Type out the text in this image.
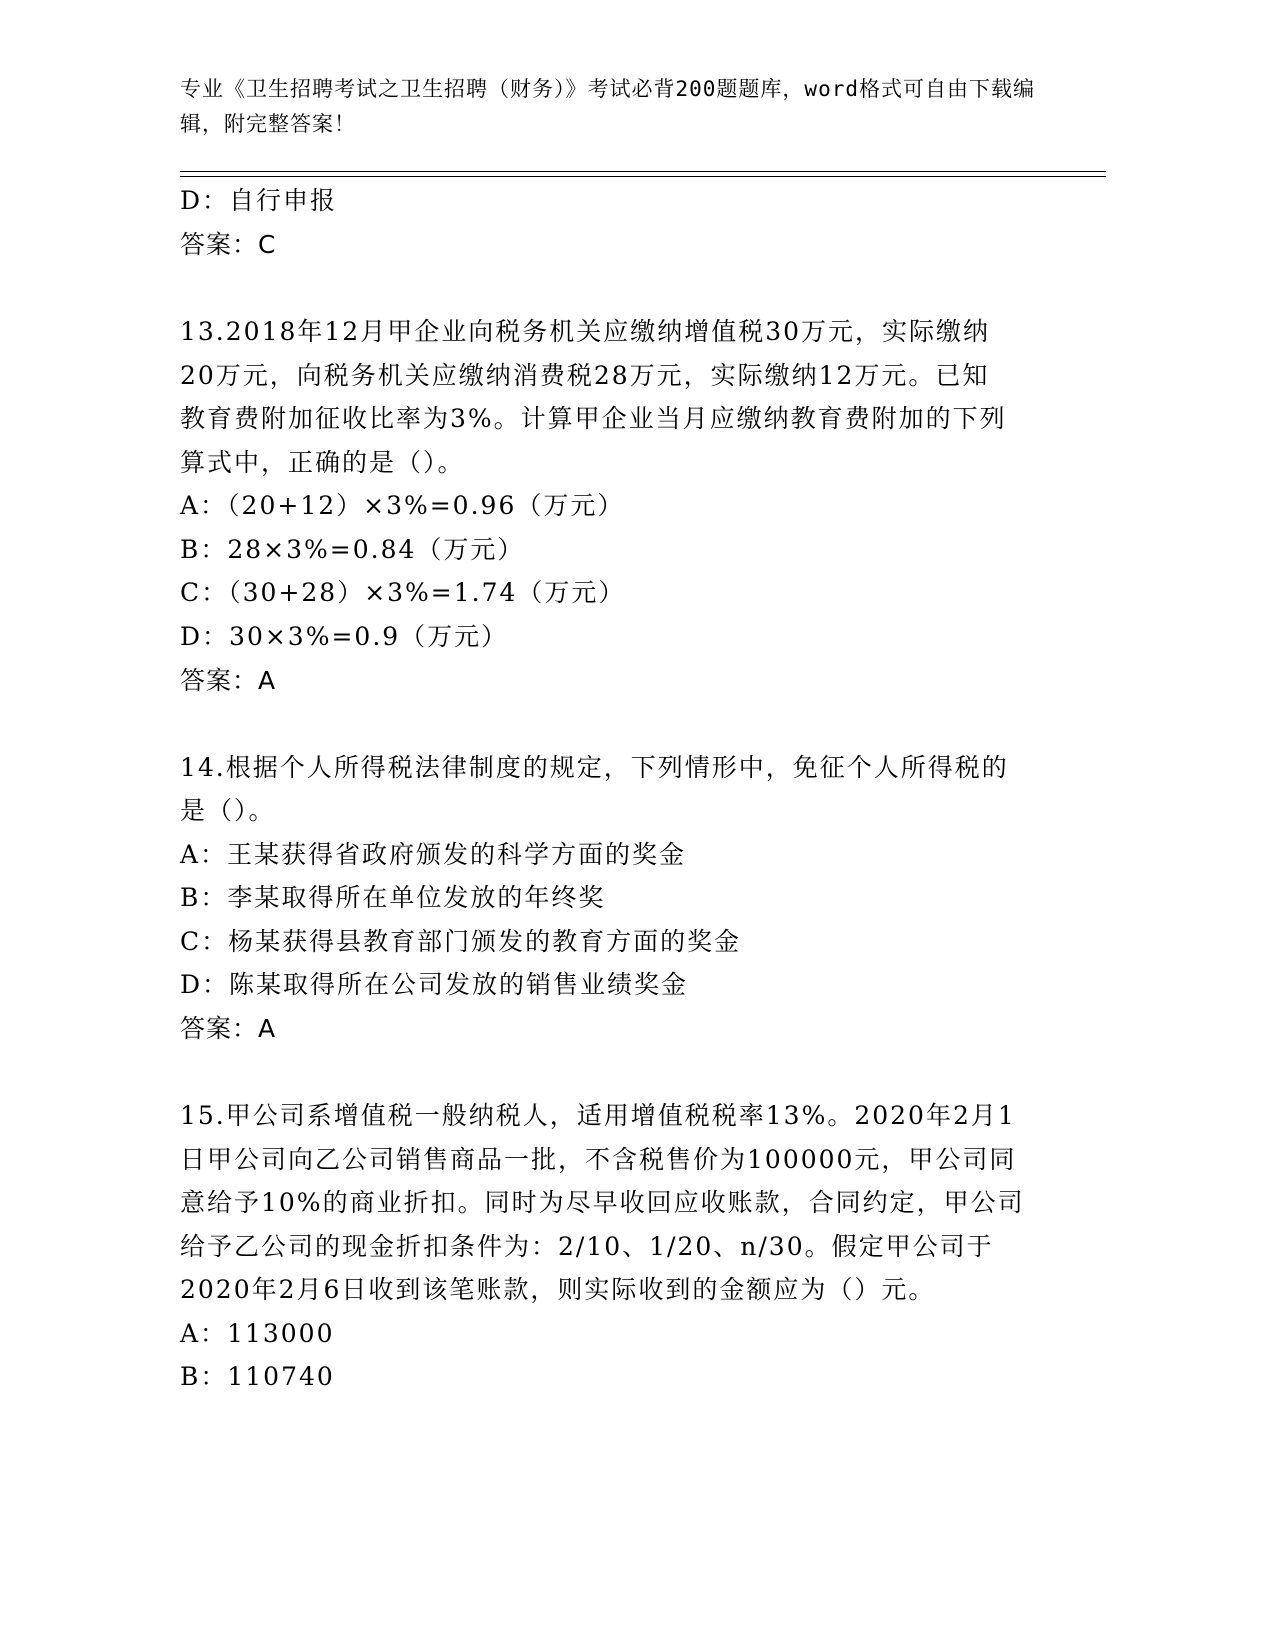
专业《卫生招聘考试之卫生招聘（财务）》考试必背200题题库，word格式可自由下载编辑，附完整答案！
D：自行申报
答案：C
13.2018年12月甲企业向税务机关应缴纳增值税30万元，实际缴纳
20万元，向税务机关应缴纳消费税28万元，实际缴纳12万元。已知
教育费附加征收比率为3%。计算甲企业当月应缴纳教育费附加的下列
算式中，正确的是（）。
A：（20+12）×3%=0.96（万元）
B：28×3%=0.84（万元）
C：（30+28）×3%=1.74（万元）
D：30×3%=0.9（万元）
答案：A
14.根据个人所得税法律制度的规定，下列情形中，免征个人所得税的
是（）。
A：王某获得省政府颁发的科学方面的奖金
B：李某取得所在单位发放的年终奖
C：杨某获得县教育部门颁发的教育方面的奖金
D：陈某取得所在公司发放的销售业绩奖金
答案：A
15.甲公司系增值税一般纳税人，适用增值税税率13%。2020年2月1
日甲公司向乙公司销售商品一批，不含税售价为100000元，甲公司同
意给予10%的商业折扣。同时为尽早收回应收账款，合同约定，甲公司
给予乙公司的现金折扣条件为：2/10、1/20、n/30。假定甲公司于
2020年2月6日收到该笔账款，则实际收到的金额应为（）元。
A：113000
B：110740
